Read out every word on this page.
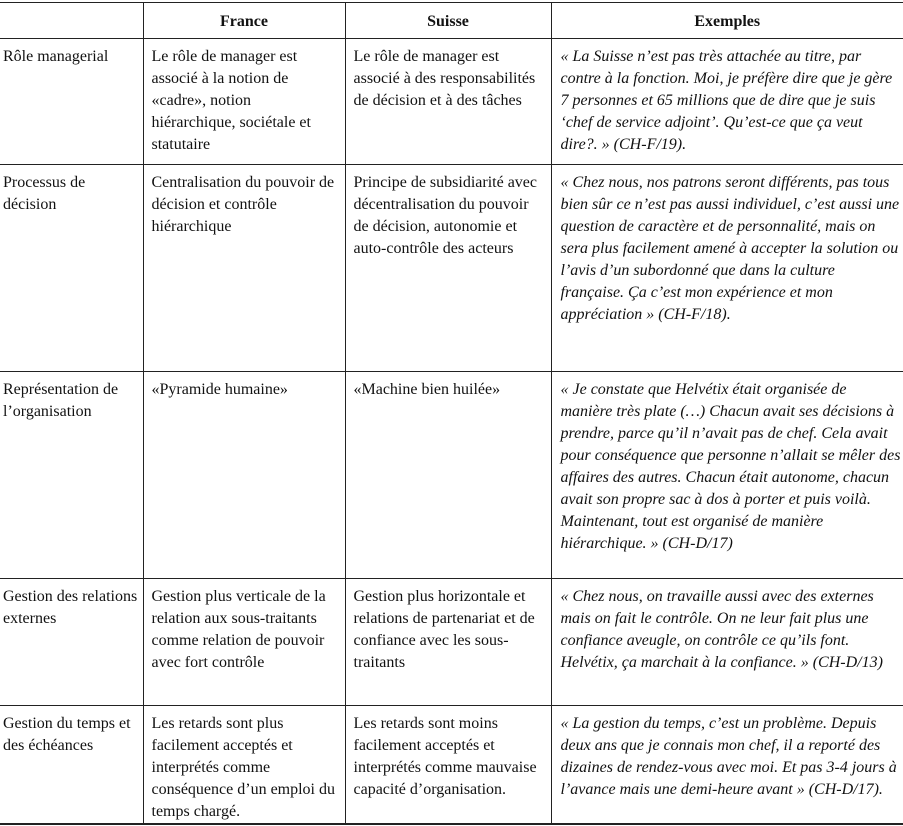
	France	Suisse	Exemples

Rôle managerial	Le rôle de manager est associé à la notion de «cadre», notion hiérarchique, sociétale et statutaire	Le rôle de manager est associé à des responsabilités de décision et à des tâches	« La Suisse n’est pas très attachée au titre, par contre à la fonction. Moi, je préfère dire que je gère 7 personnes et 65 millions que de dire que je suis ‘chef de service adjoint’. Qu’est-ce que ça veut dire?. » (CH-F/19).

Processus de décision	Centralisation du pouvoir de décision et contrôle hiérarchique	Principe de subsidiarité avec décentralisation du pouvoir de décision, autonomie et auto-contrôle des acteurs	« Chez nous, nos patrons seront différents, pas tous bien sûr ce n’est pas aussi individuel, c’est aussi une question de caractère et de personnalité, mais on sera plus facilement amené à accepter la solution ou l’avis d’un subordonné que dans la culture française. Ça c’est mon expérience et mon appréciation » (CH-F/18).

Représentation de l’organisation	«Pyramide humaine»	«Machine bien huilée»	« Je constate que Helvétix était organisée de manière très plate (…) Chacun avait ses décisions à prendre, parce qu’il n’avait pas de chef. Cela avait pour conséquence que personne n’allait se mêler des affaires des autres. Chacun était autonome, chacun avait son propre sac à dos à porter et puis voilà. Maintenant, tout est organisé de manière hiérarchique. » (CH-D/17)

Gestion des relations externes	Gestion plus verticale de la relation aux sous-traitants comme relation de pouvoir avec fort contrôle	Gestion plus horizontale et relations de partenariat et de confiance avec les sous-traitants	« Chez nous, on travaille aussi avec des externes mais on fait le contrôle. On ne leur fait plus une confiance aveugle, on contrôle ce qu’ils font. Helvétix, ça marchait à la confiance. » (CH-D/13)

Gestion du temps et des échéances	Les retards sont plus facilement acceptés et interprétés comme conséquence d’un emploi du temps chargé.	Les retards sont moins facilement acceptés et interprétés comme mauvaise capacité d’organisation.	« La gestion du temps, c’est un problème. Depuis deux ans que je connais mon chef, il a reporté des dizaines de rendez-vous avec moi. Et pas 3-4 jours à l’avance mais une demi-heure avant » (CH-D/17).
